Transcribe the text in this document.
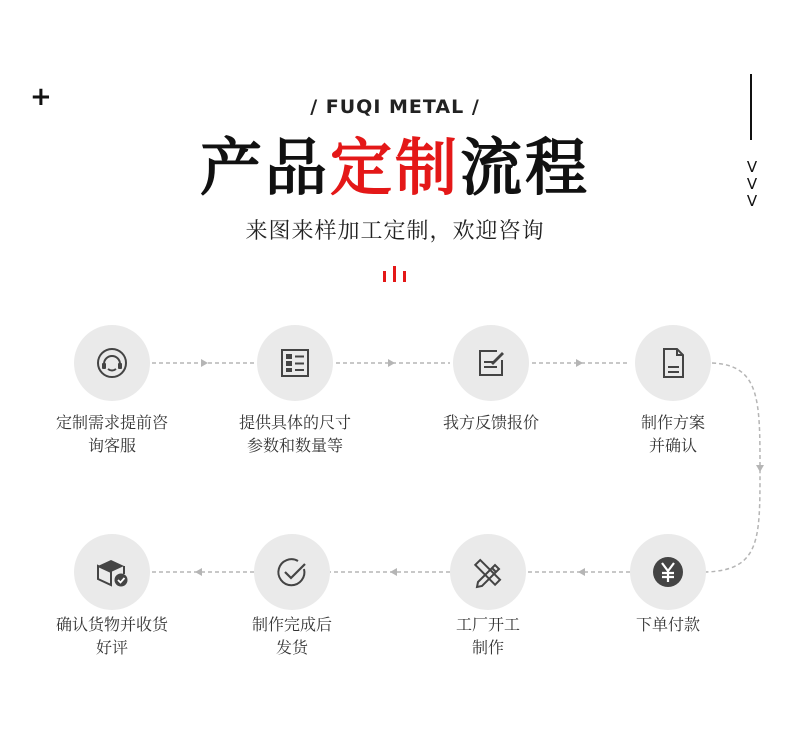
+
V
V
V
/ FUQI METAL /
产品定制流程
来图来样加工定制，欢迎咨询
定制需求提前咨
询客服
提供具体的尺寸
参数和数量等
我方反馈报价	制作方案
并确认
下单付款
工厂开工
制作
制作完成后
发货
确认货物并收货
好评
